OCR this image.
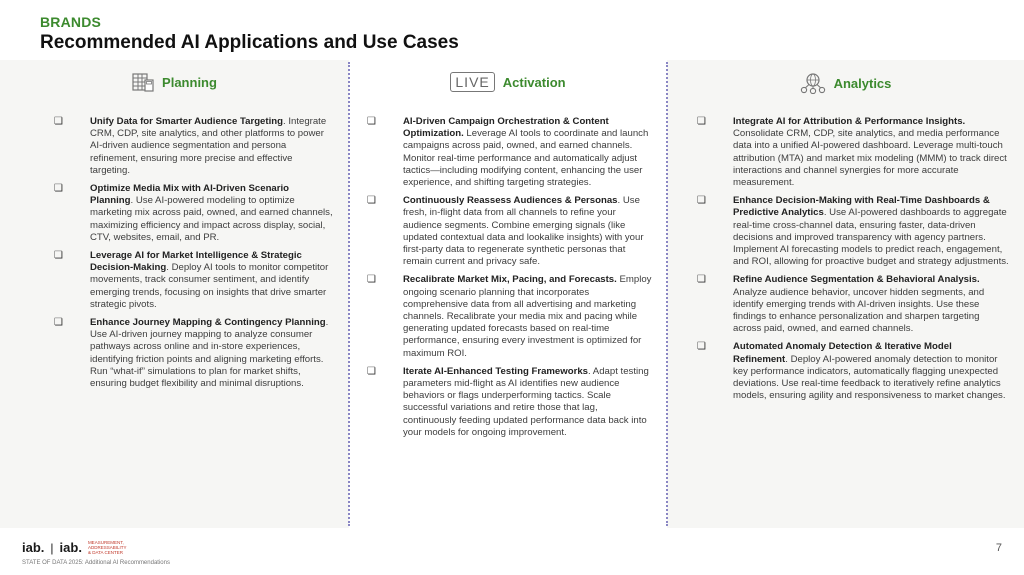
BRANDS
Recommended AI Applications and Use Cases
Planning
❏	Unify Data for Smarter Audience Targeting. Integrate CRM, CDP, site analytics, and other platforms to power AI-driven audience segmentation and persona refinement, ensuring more precise and effective targeting.
❏	Optimize Media Mix with AI-Driven Scenario Planning. Use AI-powered modeling to optimize marketing mix across paid, owned, and earned channels, maximizing efficiency and impact across display, social, CTV, websites, email, and PR.
❏	Leverage AI for Market Intelligence & Strategic Decision-Making. Deploy AI tools to monitor competitor movements, track consumer sentiment, and identify emerging trends, focusing on insights that drive smarter strategic pivots.
❏	Enhance Journey Mapping & Contingency Planning. Use AI-driven journey mapping to analyze consumer pathways across online and in-store experiences, identifying friction points and aligning marketing efforts. Run “what-if” simulations to plan for market shifts, ensuring budget flexibility and minimal disruptions.
LIVE	Activation
❏	AI-Driven Campaign Orchestration & Content Optimization. Leverage AI tools to coordinate and launch campaigns across paid, owned, and earned channels. Monitor real-time performance and automatically adjust tactics—including modifying content, enhancing the user experience, and shifting targeting strategies.
❏	Continuously Reassess Audiences & Personas. Use fresh, in-flight data from all channels to refine your audience segments. Combine emerging signals (like updated contextual data and lookalike insights) with your first-party data to regenerate synthetic personas that remain current and privacy safe.
❏	Recalibrate Market Mix, Pacing, and Forecasts. Employ ongoing scenario planning that incorporates comprehensive data from all advertising and marketing channels. Recalibrate your media mix and pacing while generating updated forecasts based on real-time performance, ensuring every investment is optimized for maximum ROI.
❏	Iterate AI-Enhanced Testing Frameworks. Adapt testing parameters mid-flight as AI identifies new audience behaviors or flags underperforming tactics. Scale successful variations and retire those that lag, continuously feeding updated performance data back into your models for ongoing improvement.
Analytics
❏	Integrate AI for Attribution & Performance Insights. Consolidate CRM, CDP, site analytics, and media performance data into a unified AI-powered dashboard. Leverage multi-touch attribution (MTA) and market mix modeling (MMM) to track direct interactions and channel synergies for more accurate measurement.
❏	Enhance Decision-Making with Real-Time Dashboards & Predictive Analytics. Use AI-powered dashboards to aggregate real-time cross-channel data, ensuring faster, data-driven decisions and improved transparency with agency partners. Implement AI forecasting models to predict reach, engagement, and ROI, allowing for proactive budget and strategy adjustments.
❏	Refine Audience Segmentation & Behavioral Analysis. Analyze audience behavior, uncover hidden segments, and identify emerging trends with AI-driven insights. Use these findings to enhance personalization and sharpen targeting across paid, owned, and earned channels.
❏	Automated Anomaly Detection & Iterative Model Refinement. Deploy AI-powered anomaly detection to monitor key performance indicators, automatically flagging unexpected deviations. Use real-time feedback to iteratively refine analytics models, ensuring agility and responsiveness to market changes.
iab. | iab. MEASUREMENT, ADDRESSABILITY & DATA CENTER
STATE OF DATA 2025: Additional AI Recommendations
7
